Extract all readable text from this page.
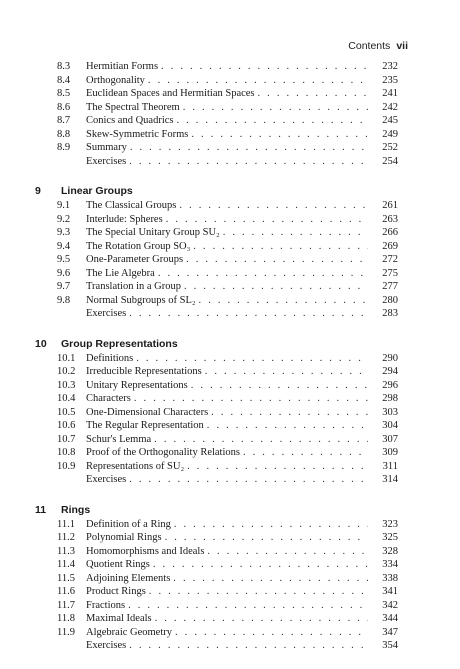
Contents vii
8.3	Hermitian Forms . . .	232
8.4	Orthogonality . . .	235
8.5	Euclidean Spaces and Hermitian Spaces . . .	241
8.6	The Spectral Theorem . . .	242
8.7	Conics and Quadrics . . .	245
8.8	Skew-Symmetric Forms . . .	249
8.9	Summary . . .	252
Exercises . . .	254
9	Linear Groups
9.1	The Classical Groups . . .	261
9.2	Interlude: Spheres . . .	263
9.3	The Special Unitary Group SU₂ . . .	266
9.4	The Rotation Group SO₃ . . .	269
9.5	One-Parameter Groups . . .	272
9.6	The Lie Algebra . . .	275
9.7	Translation in a Group . . .	277
9.8	Normal Subgroups of SL₂ . . .	280
Exercises . . .	283
10	Group Representations
10.1	Definitions . . .	290
10.2	Irreducible Representations . . .	294
10.3	Unitary Representations . . .	296
10.4	Characters . . .	298
10.5	One-Dimensional Characters . . .	303
10.6	The Regular Representation . . .	304
10.7	Schur's Lemma . . .	307
10.8	Proof of the Orthogonality Relations . . .	309
10.9	Representations of SU₂ . . .	311
Exercises . . .	314
11	Rings
11.1	Definition of a Ring . . .	323
11.2	Polynomial Rings . . .	325
11.3	Homomorphisms and Ideals . . .	328
11.4	Quotient Rings . . .	334
11.5	Adjoining Elements . . .	338
11.6	Product Rings . . .	341
11.7	Fractions . . .	342
11.8	Maximal Ideals . . .	344
11.9	Algebraic Geometry . . .	347
Exercises . . .	354
